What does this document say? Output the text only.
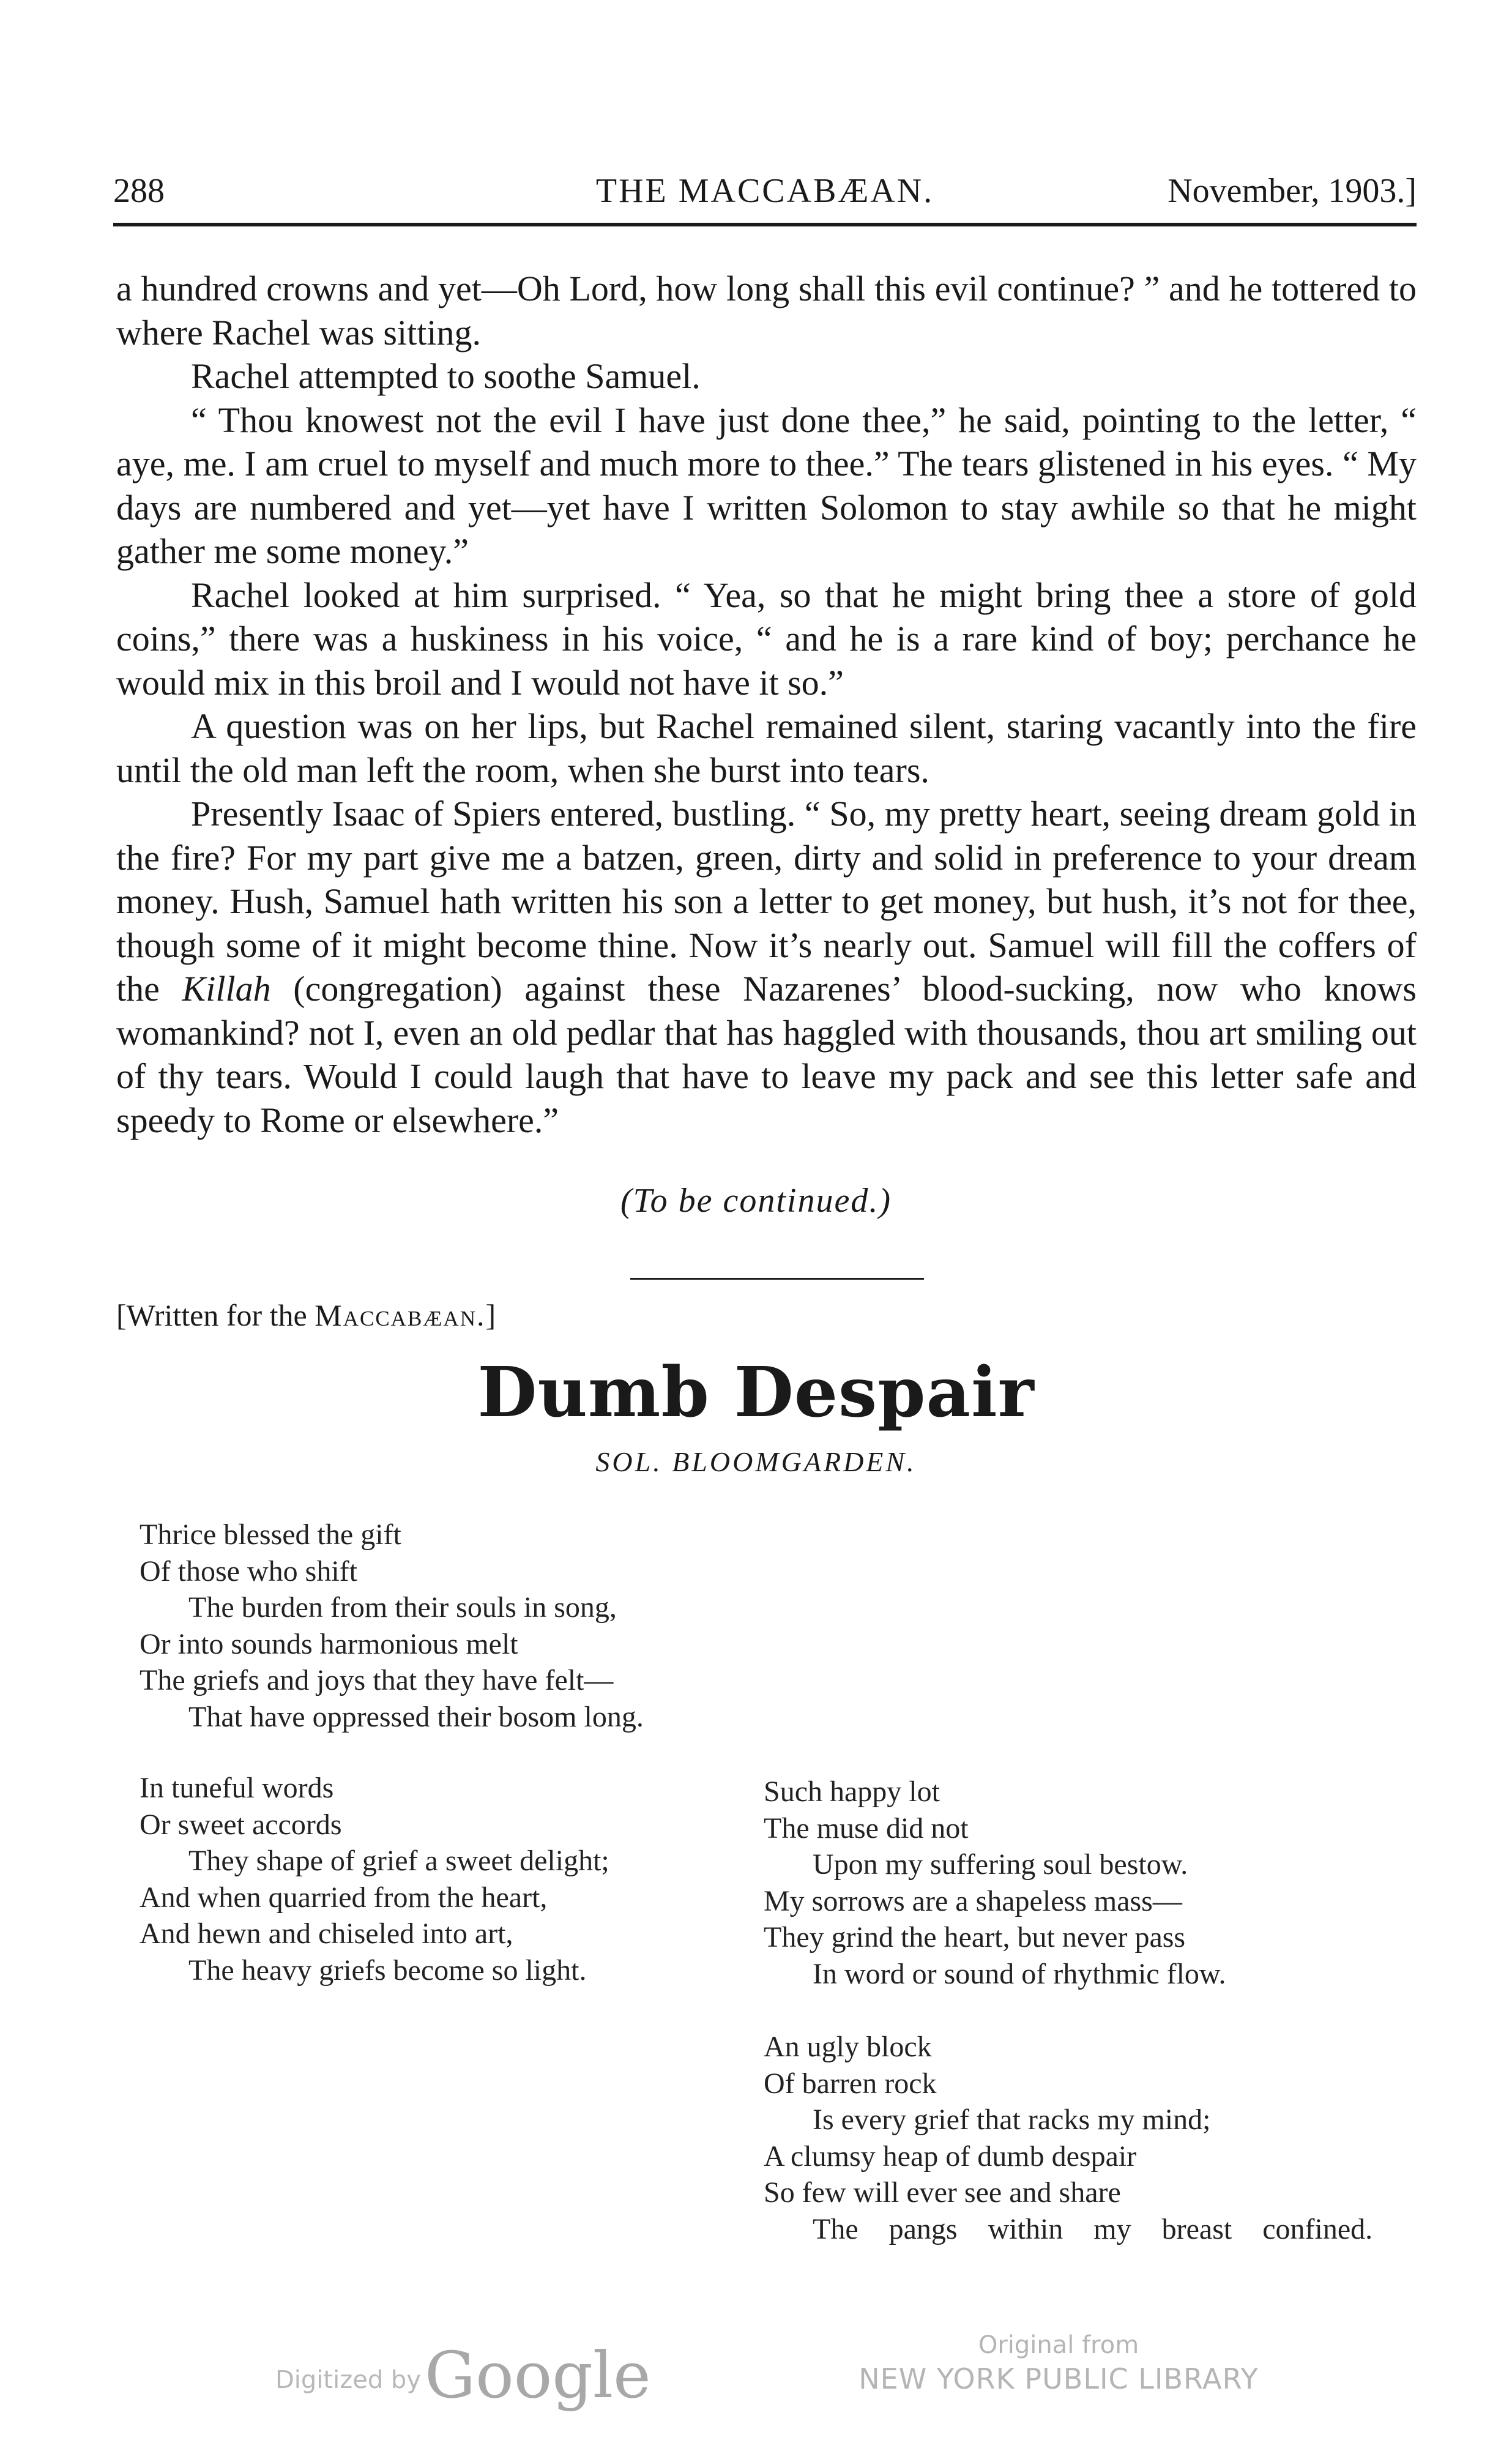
288	THE MACCABÆAN.	November, 1903.]

a hundred crowns and yet—Oh Lord, how long shall this evil continue? ” and he tottered to where Rachel was sitting.

Rachel attempted to soothe Samuel.

“ Thou knowest not the evil I have just done thee,” he said, pointing to the letter, “ aye, me. I am cruel to myself and much more to thee.” The tears glistened in his eyes. “ My days are numbered and yet—yet have I written Solomon to stay awhile so that he might gather me some money.”

Rachel looked at him surprised. “ Yea, so that he might bring thee a store of gold coins,” there was a huskiness in his voice, “ and he is a rare kind of boy; perchance he would mix in this broil and I would not have it so.”

A question was on her lips, but Rachel remained silent, staring vacantly into the fire until the old man left the room, when she burst into tears.

Presently Isaac of Spiers entered, bustling. “ So, my pretty heart, seeing dream gold in the fire? For my part give me a batzen, green, dirty and solid in preference to your dream money. Hush, Samuel hath written his son a letter to get money, but hush, it’s not for thee, though some of it might become thine. Now it’s nearly out. Samuel will fill the coffers of the Killah (congregation) against these Nazarenes’ blood-sucking, now who knows womankind? not I, even an old pedlar that has haggled with thousands, thou art smiling out of thy tears. Would I could laugh that have to leave my pack and see this letter safe and speedy to Rome or elsewhere.”

(To be continued.)
[Written for the Maccabæan.]
Dumb Despair
SOL. BLOOMGARDEN.
Thrice blessed the gift
Of those who shift
The burden from their souls in song,
Or into sounds harmonious melt
The griefs and joys that they have felt—
That have oppressed their bosom long.
In tuneful words
Or sweet accords
They shape of grief a sweet delight;
And when quarried from the heart,
And hewn and chiseled into art,
The heavy griefs become so light.
Such happy lot
The muse did not
Upon my suffering soul bestow.
My sorrows are a shapeless mass—
They grind the heart, but never pass
In word or sound of rhythmic flow.
An ugly block
Of barren rock
Is every grief that racks my mind;
A clumsy heap of dumb despair
So few will ever see and share
The pangs within my breast confined.
Digitized by Google	Original from
NEW YORK PUBLIC LIBRARY
